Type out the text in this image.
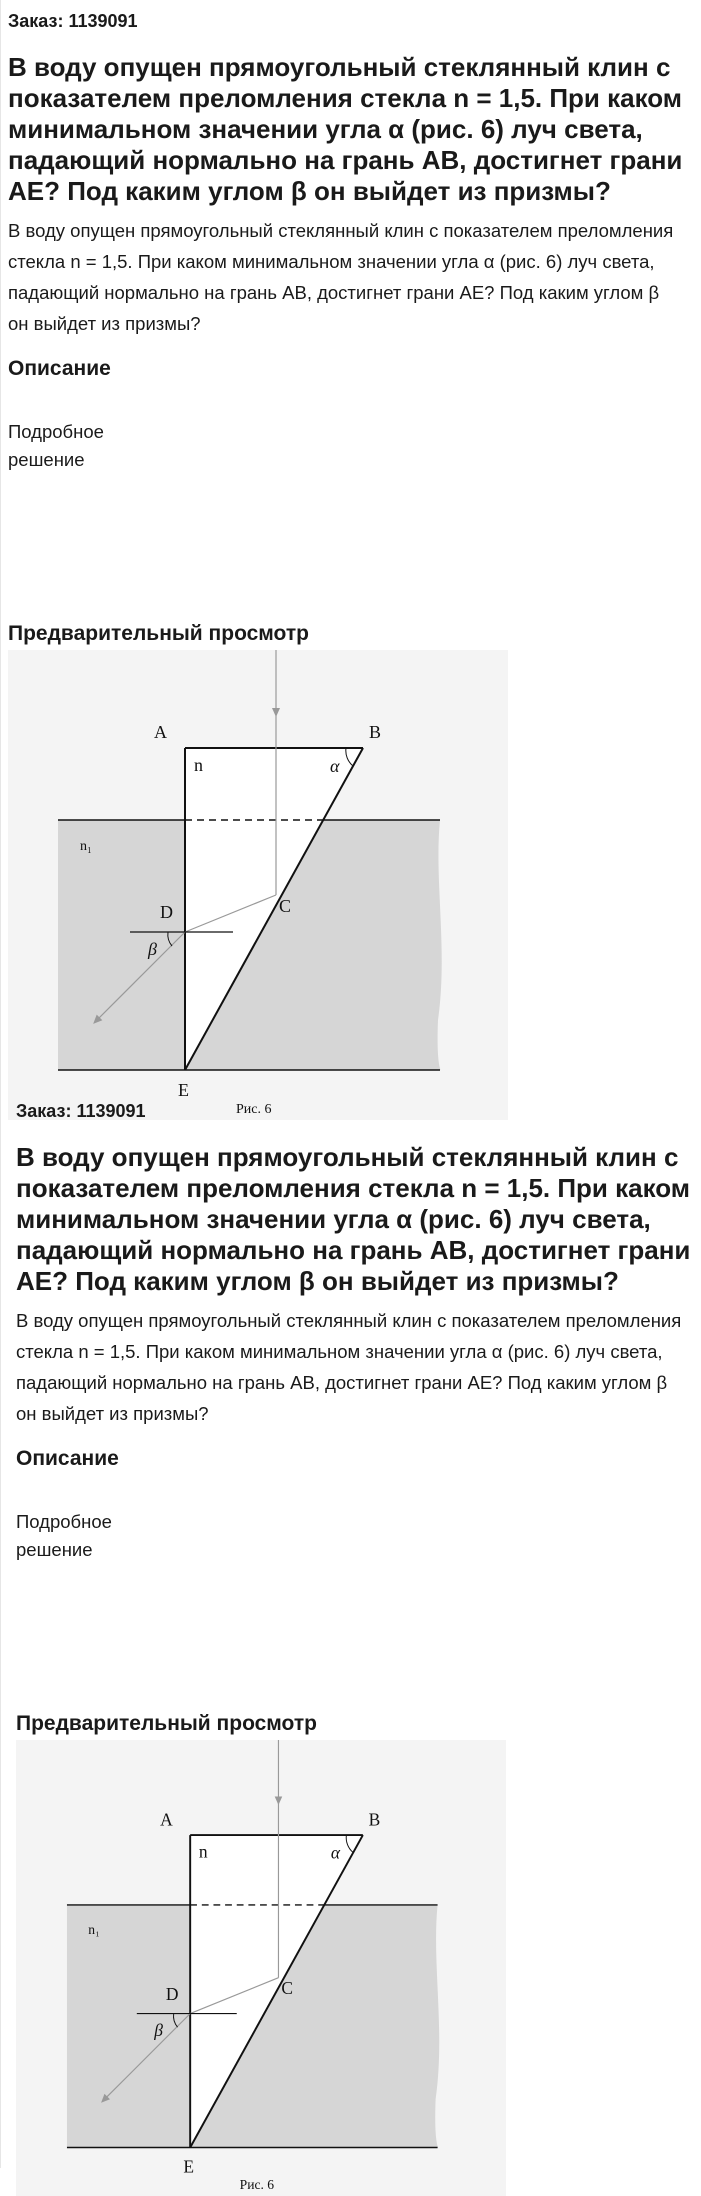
Заказ: 1139091

В воду опущен прямоугольный стеклянный клин с показателем преломления стекла n = 1,5. При каком минимальном значении угла α (рис. 6) луч света, падающий нормально на грань AB, достигнет грани AE? Под каким углом β он выйдет из призмы?

В воду опущен прямоугольный стеклянный клин с показателем преломления стекла n = 1,5. При каком минимальном значении угла α (рис. 6) луч света, падающий нормально на грань AB, достигнет грани AE? Под каким углом β он выйдет из призмы?

Описание

Подробное решение

Предварительный просмотр

A	B
C
D
E
n
n₁
α
β
Рис. 6

Заказ: 1139091

В воду опущен прямоугольный стеклянный клин с показателем преломления стекла n = 1,5. При каком минимальном значении угла α (рис. 6) луч света, падающий нормально на грань AB, достигнет грани AE? Под каким углом β он выйдет из призмы?

В воду опущен прямоугольный стеклянный клин с показателем преломления стекла n = 1,5. При каком минимальном значении угла α (рис. 6) луч света, падающий нормально на грань AB, достигнет грани AE? Под каким углом β он выйдет из призмы?

Описание

Подробное решение

Предварительный просмотр

A	B
C
D
E
n
n₁
α
β
Рис. 6
